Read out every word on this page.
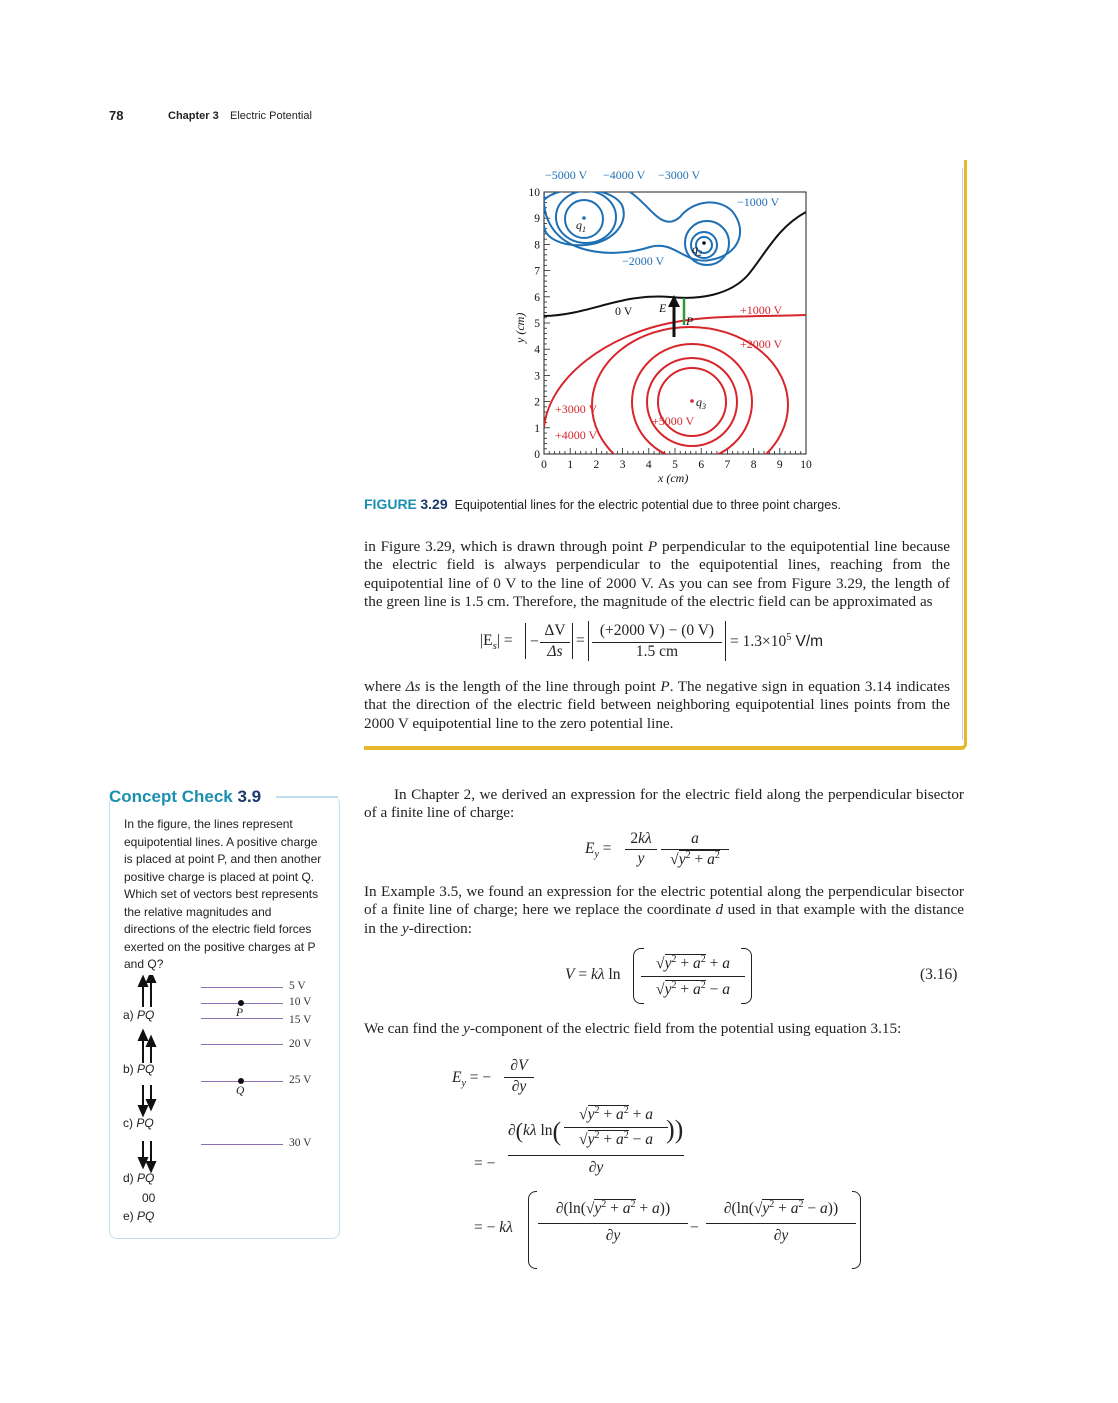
78	Chapter 3 Electric Potential
−5000 V −4000 V −3000 V
−1000 V
−2000 V
0 V	+1000 V
+2000 V
+3000 V
+4000 V
+5000 V
$q_1$
$q_2$
$q_3$
E
P
x (cm)
y (cm)
0 1 2 3 4 5 6 7 8 9 10
0
1
2
3
4
5
6
7
8
9
10
FIGURE 3.29 Equipotential lines for the electric potential due to three point charges.
in Figure 3.29, which is drawn through point P perpendicular to the equipotential line because the electric field is always perpendicular to the equipotential lines, reaching from the equipotential line of 0 V to the line of 2000 V. As you can see from Figure 3.29, the length of the green line is 1.5 cm. Therefore, the magnitude of the electric field can be approximated as
$|E_s|$ = −
ΔV
Δs
=
(+2000 V) − (0 V)
1.5 cm
= $1.3\times 10^5$ V/m
where Δs is the length of the line through point P. The negative sign in equation 3.14 indicates that the direction of the electric field between neighboring equipotential lines points from the 2000 V equipotential line to the zero potential line.
In Chapter 2, we derived an expression for the electric field along the perpendicular bisector of a finite line of charge:
$E_y$ =
2kλ
y
a
$√y^2 + a^2$
In Example 3.5, we found an expression for the electric potential along the perpendicular bisector of a finite line of charge; here we replace the coordinate d used in that example with the distance in the y-direction:
V = kλ ln
$√y^2 + a^2 + a$
$√y^2 + a^2 - a$
(3.16)
We can find the y-component of the electric field from the potential using equation 3.15:
$E_y$ = −
∂V
∂y
= −
∂(kλ ln(
$√y^2 + a^2 + a$
$√y^2 + a^2 - a$ ))
∂y
= − kλ
$\partial(\ln(√y^2 + a^2 + a))$
∂y	−
$\partial(\ln(√y^2 + a^2 - a))$
∂y
Concept Check 3.9
In the figure, the lines represent equipotential lines. A positive charge is placed at point P, and then another positive charge is placed at point Q. Which set of vectors best represents the relative magnitudes and directions of the electric field forces exerted on the positive charges at P and Q?
a) PQ
b) PQ
c) PQ
d) PQ
00
e) PQ
5 V
10 V
15 V
20 V
25 V
30 V
P
Q
